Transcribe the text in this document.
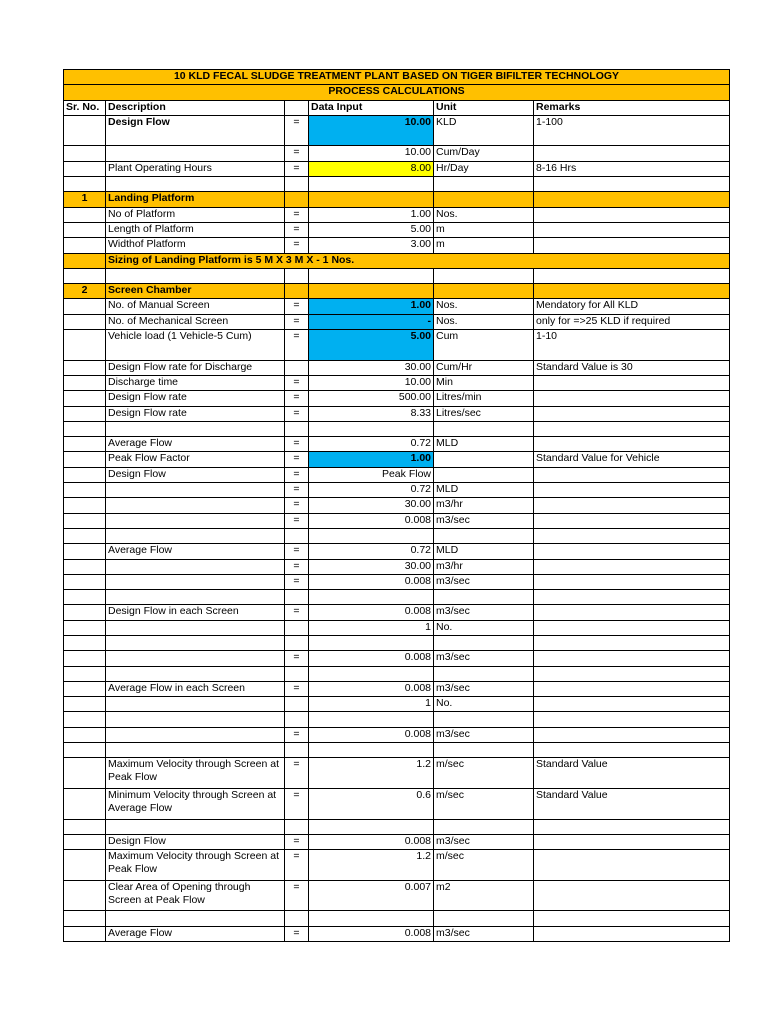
10 KLD FECAL SLUDGE TREATMENT PLANT BASED ON TIGER BIFILTER TECHNOLOGY					
PROCESS CALCULATIONS					
Sr. No.	Description		Data Input	Unit	Remarks
	Design Flow	=	10.00	KLD	1-100
		=	10.00	Cum/Day	
	Plant Operating Hours	=	8.00	Hr/Day	8-16 Hrs

1	Landing Platform				
	No of Platform	=	1.00	Nos.	
	Length of Platform	=	5.00	m	
	Widthof Platform	=	3.00	m	
	Sizing of Landing Platform is 5 M X 3 M X - 1 Nos.				

2	Screen Chamber				
	No. of Manual Screen	=	1.00	Nos.	Mendatory for All KLD
	No. of Mechanical Screen	=	-	Nos.	only for =>25 KLD if required
	Vehicle load (1 Vehicle-5 Cum)	=	5.00	Cum	1-10
	Design Flow rate for Discharge		30.00	Cum/Hr	Standard Value is 30
	Discharge time	=	10.00	Min	
	Design Flow rate	=	500.00	Litres/min	
	Design Flow rate	=	8.33	Litres/sec	

	Average Flow	=	0.72	MLD	
	Peak Flow Factor	=	1.00		Standard Value for Vehicle
	Design Flow	=	Peak Flow		
		=	0.72	MLD	
		=	30.00	m3/hr	
		=	0.008	m3/sec	

	Average Flow	=	0.72	MLD	
		=	30.00	m3/hr	
		=	0.008	m3/sec	

	Design Flow in each Screen	=	0.008	m3/sec	
			1	No.	

		=	0.008	m3/sec	

	Average Flow in each Screen	=	0.008	m3/sec	
			1	No.	

		=	0.008	m3/sec	

	Maximum Velocity through Screen at Peak Flow	=	1.2	m/sec	Standard Value
	Minimum Velocity through Screen at Average Flow	=	0.6	m/sec	Standard Value

	Design Flow	=	0.008	m3/sec	
	Maximum Velocity through Screen at Peak Flow	=	1.2	m/sec	
	Clear Area of Opening through Screen at Peak Flow	=	0.007	m2	

	Average Flow	=	0.008	m3/sec	
